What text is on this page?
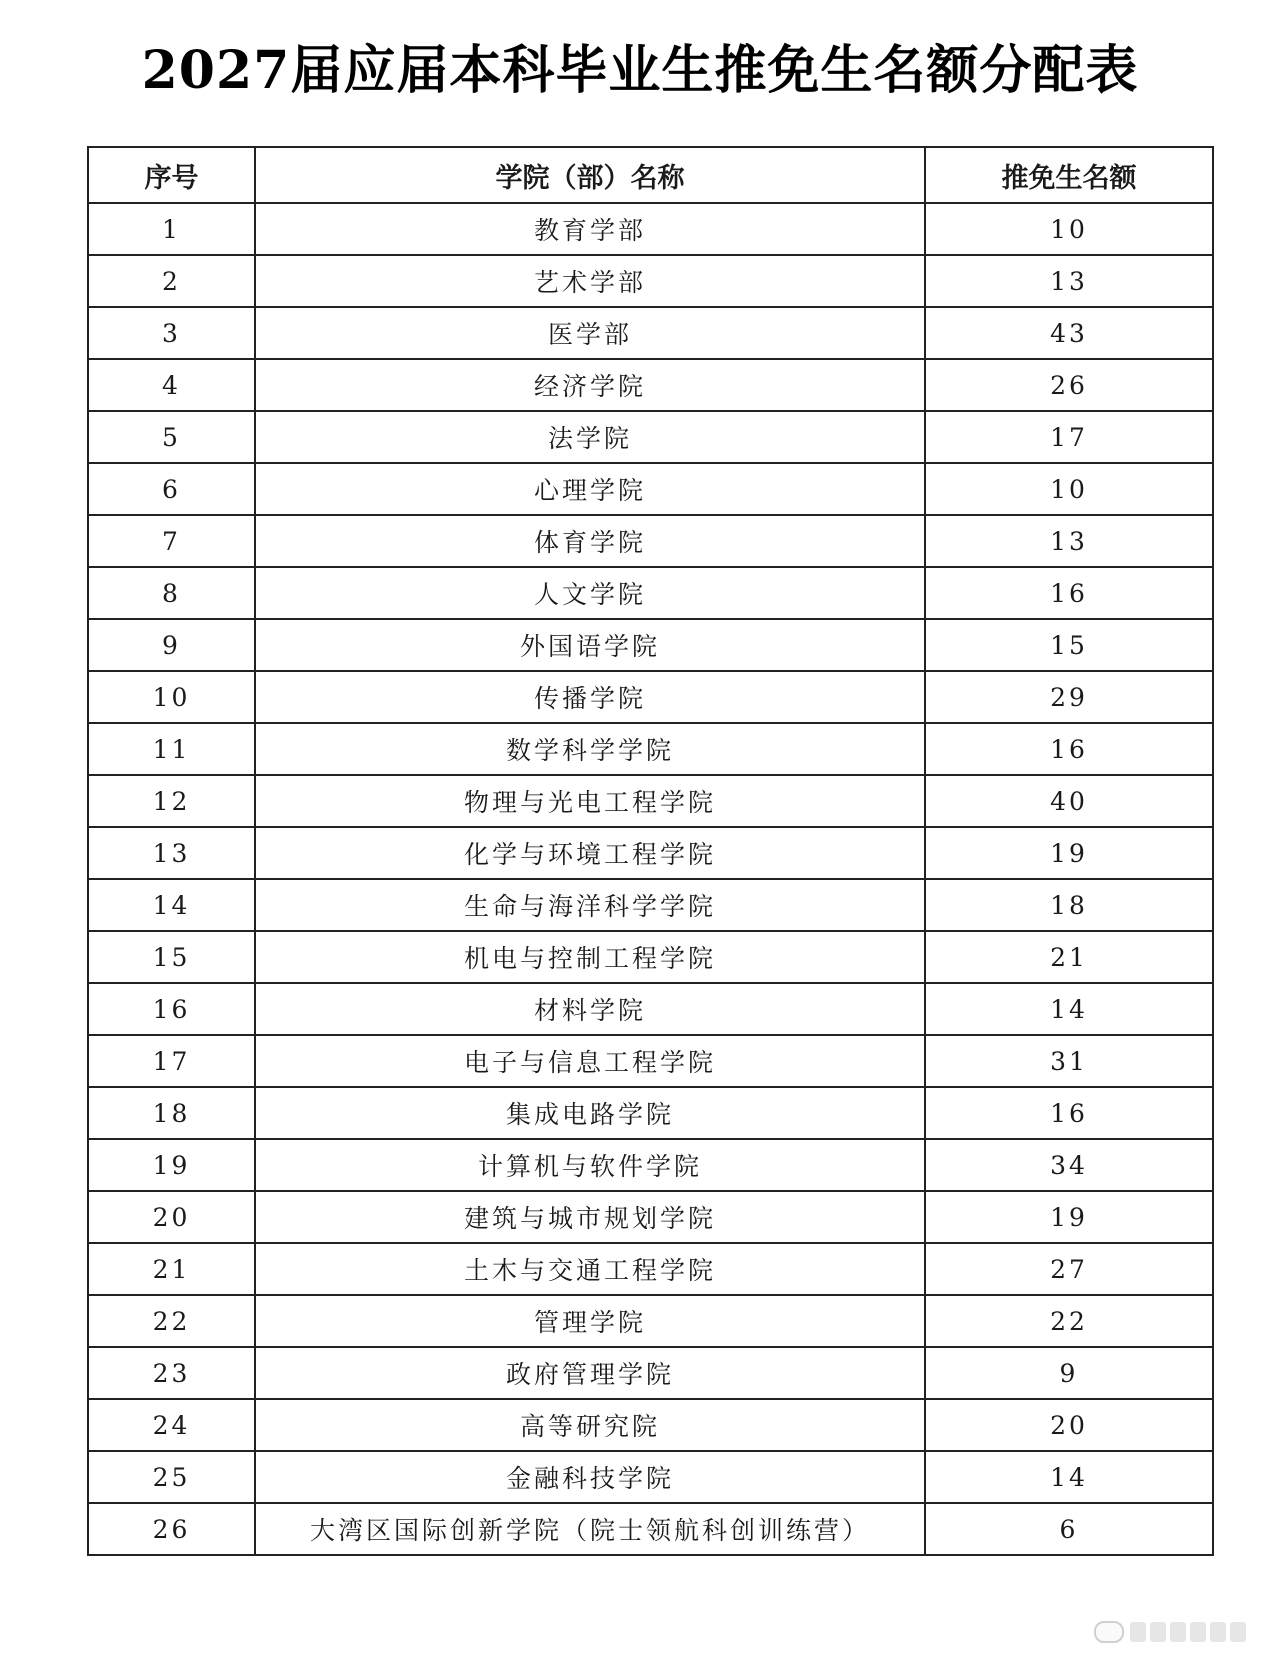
2027届应届本科毕业生推免生名额分配表
序号	学院（部）名称	推免生名额
1	教育学部	10
2	艺术学部	13
3	医学部	43
4	经济学院	26
5	法学院	17
6	心理学院	10
7	体育学院	13
8	人文学院	16
9	外国语学院	15
10	传播学院	29
11	数学科学学院	16
12	物理与光电工程学院	40
13	化学与环境工程学院	19
14	生命与海洋科学学院	18
15	机电与控制工程学院	21
16	材料学院	14
17	电子与信息工程学院	31
18	集成电路学院	16
19	计算机与软件学院	34
20	建筑与城市规划学院	19
21	土木与交通工程学院	27
22	管理学院	22
23	政府管理学院	9
24	高等研究院	20
25	金融科技学院	14
26	大湾区国际创新学院（院士领航科创训练营）	6
